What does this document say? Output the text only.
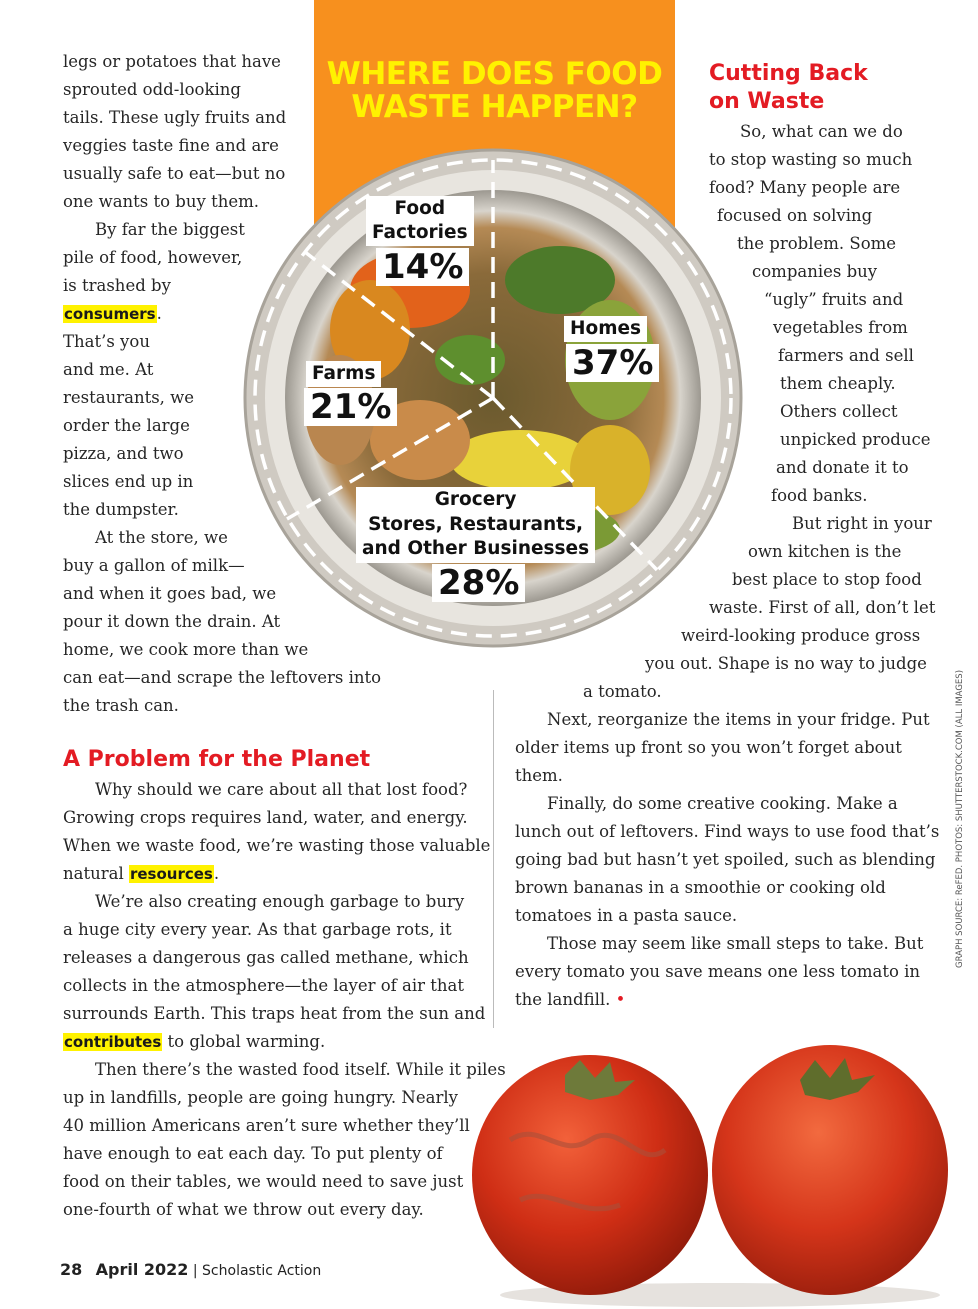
WHERE DOES FOOD WASTE HAPPEN?
Food
Factories
14%
Homes
37%
Farms
21%
Grocery
Stores, Restaurants,
and Other Businesses
28%
legs or potatoes that have
sprouted odd-looking
tails. These ugly fruits and
veggies taste fine and are
usually safe to eat—but no
one wants to buy them.
By far the biggest
pile of food, however,
is trashed by
consumers.
That’s you
and me. At
restaurants, we
order the large
pizza, and two
slices end up in
the dumpster.
At the store, we
buy a gallon of milk—
and when it goes bad, we
pour it down the drain. At
home, we cook more than we
can eat—and scrape the leftovers into
the trash can.
A Problem for the Planet
Why should we care about all that lost food?
Growing crops requires land, water, and energy.
When we waste food, we’re wasting those valuable
natural resources.
We’re also creating enough garbage to bury
a huge city every year. As that garbage rots, it
releases a dangerous gas called methane, which
collects in the atmosphere—the layer of air that
surrounds Earth. This traps heat from the sun and
contributes to global warming.
Then there’s the wasted food itself. While it piles
up in landfills, people are going hungry. Nearly
40 million Americans aren’t sure whether they’ll
have enough to eat each day. To put plenty of
food on their tables, we would need to save just
one-fourth of what we throw out every day.
Cutting Back
on Waste
So, what can we do
to stop wasting so much
food? Many people are
focused on solving
the problem. Some
companies buy
“ugly” fruits and
vegetables from
farmers and sell
them cheaply.
Others collect
unpicked produce
and donate it to
food banks.
But right in your
own kitchen is the
best place to stop food
waste. First of all, don’t let
weird-looking produce gross
you out. Shape is no way to judge
a tomato.
Next, reorganize the items in your fridge. Put
older items up front so you won’t forget about
them.
Finally, do some creative cooking. Make a
lunch out of leftovers. Find ways to use food that’s
going bad but hasn’t yet spoiled, such as blending
brown bananas in a smoothie or cooking old
tomatoes in a pasta sauce.
Those may seem like small steps to take. But
every tomato you save means one less tomato in
the landfill. •
28 April 2022 | Scholastic Action
GRAPH SOURCE: ReFED. PHOTOS: SHUTTERSTOCK.COM (ALL IMAGES)
